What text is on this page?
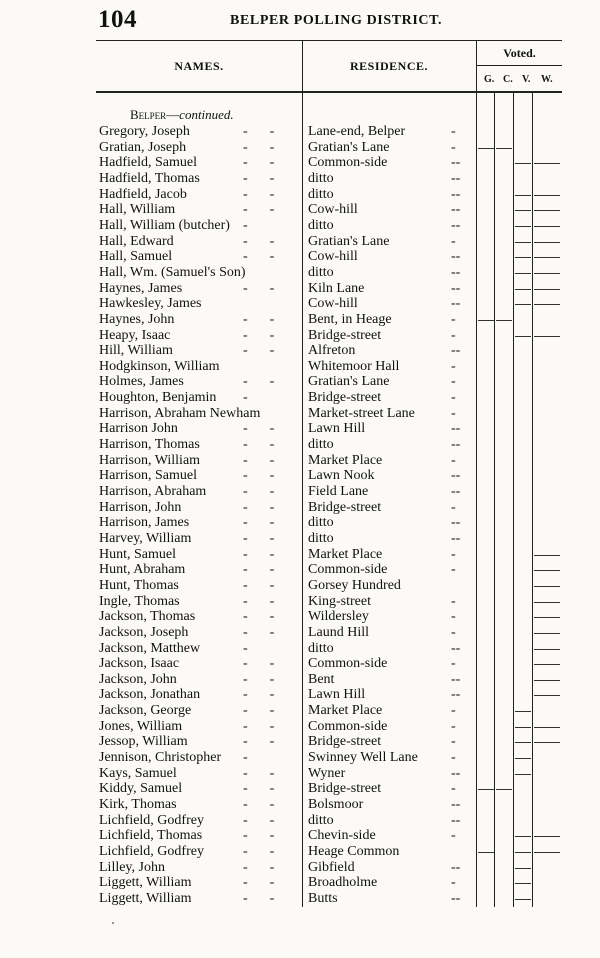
104	BELPER POLLING DISTRICT.
NAMES.	RESIDENCE.
Voted.
G. C. V. W.
Belper—continued.
Gregory, Joseph	-- Lane-end, Belper	-
Gratian, Joseph	-- Gratian's Lane	-
Hadfield, Samuel	-- Common-side	--
Hadfield, Thomas	-- ditto	--
Hadfield, Jacob	-- ditto	--
Hall, William	-- Cow-hill	--
Hall, William (butcher) -	ditto	--
Hall, Edward	-- Gratian's Lane	-
Hall, Samuel	-- Cow-hill	--
Hall, Wm. (Samuel's Son)	ditto	--
Haynes, James	-- Kiln Lane	--
Hawkesley, James	Cow-hill	--
Haynes, John	-- Bent, in Heage	-
Heapy, Isaac	-- Bridge-street	-
Hill, William	-- Alfreton	--
Hodgkinson, William	Whitemoor Hall	-
Holmes, James	-- Gratian's Lane	-
Houghton, Benjamin -	Bridge-street	-
Harrison, Abraham Newham	Market-street Lane	-
Harrison John	-- Lawn Hill	--
Harrison, Thomas	-- ditto	--
Harrison, William	-- Market Place	-
Harrison, Samuel	-- Lawn Nook	--
Harrison, Abraham	-- Field Lane	--
Harrison, John	-- Bridge-street	-
Harrison, James	-- ditto	--
Harvey, William	-- ditto	--
Hunt, Samuel	-- Market Place	-
Hunt, Abraham	-- Common-side	-
Hunt, Thomas	-- Gorsey Hundred
Ingle, Thomas	-- King-street	-
Jackson, Thomas	-- Wildersley	-
Jackson, Joseph	-- Laund Hill	-
Jackson, Matthew	-	ditto	--
Jackson, Isaac	-- Common-side	-
Jackson, John	-- Bent	--
Jackson, Jonathan	-- Lawn Hill	--
Jackson, George	-- Market Place	-
Jones, William	-- Common-side	-
Jessop, William	-- Bridge-street	-
Jennison, Christopher -	Swinney Well Lane -
Kays, Samuel	-- Wyner	--
Kiddy, Samuel	-- Bridge-street	-
Kirk, Thomas	-- Bolsmoor	--
Lichfield, Godfrey	-- ditto	--
Lichfield, Thomas	-- Chevin-side	-
Lichfield, Godfrey	-- Heage Common
Lilley, John	-- Gibfield	--
Liggett, William	-- Broadholme	-
Liggett, William	-- Butts	--
